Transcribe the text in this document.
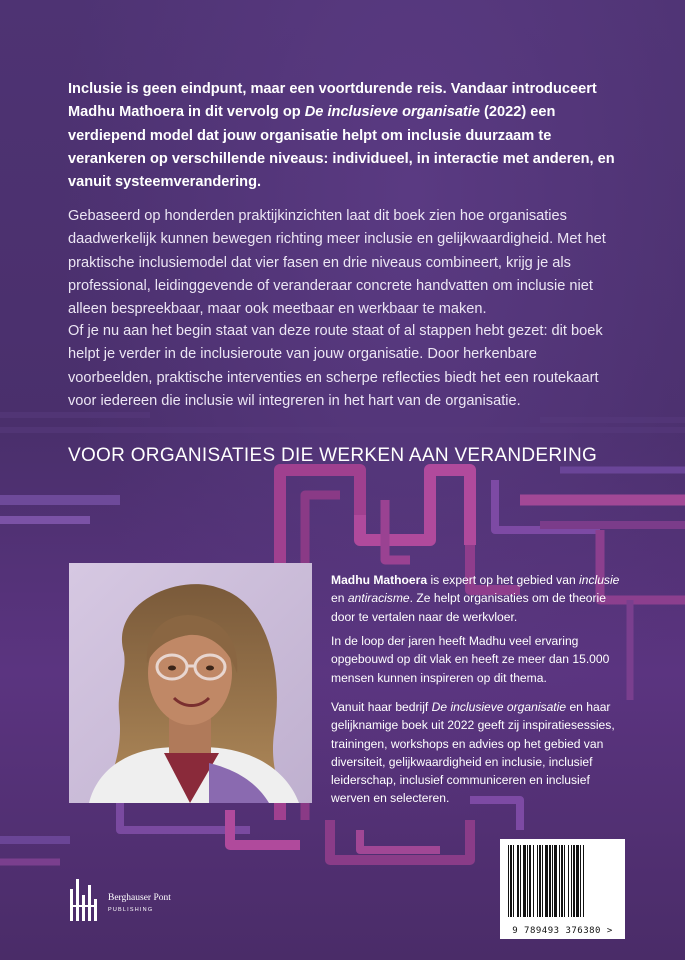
Inclusie is geen eindpunt, maar een voortdurende reis. Vandaar introduceert Madhu Mathoera in dit vervolg op De inclusieve organisatie (2022) een verdiepend model dat jouw organisatie helpt om inclusie duurzaam te verankeren op verschillende niveaus: individueel, in interactie met anderen, en vanuit systeemverandering.

Gebaseerd op honderden praktijkinzichten laat dit boek zien hoe organisaties daadwerkelijk kunnen bewegen richting meer inclusie en gelijkwaardigheid. Met het praktische inclusiemodel dat vier fasen en drie niveaus combineert, krijg je als professional, leidinggevende of veranderaar concrete handvatten om inclusie niet alleen bespreekbaar, maar ook meetbaar en werkbaar te maken.

Of je nu aan het begin staat van deze route staat of al stappen hebt gezet: dit boek helpt je verder in de inclusieroute van jouw organisatie. Door herkenbare voorbeelden, praktische interventies en scherpe reflecties biedt het een routekaart voor iedereen die inclusie wil integreren in het hart van de organisatie.

VOOR ORGANISATIES DIE WERKEN AAN VERANDERING

Madhu Mathoera is expert op het gebied van inclusie en antiracisme. Ze helpt organisaties om de theorie door te vertalen naar de werkvloer.

In de loop der jaren heeft Madhu veel ervaring opgebouwd op dit vlak en heeft ze meer dan 15.000 mensen kunnen inspireren op dit thema.

Vanuit haar bedrijf De inclusieve organisatie en haar gelijknamige boek uit 2022 geeft zij inspiratiesessies, trainingen, workshops en advies op het gebied van diversiteit, gelijkwaardigheid en inclusie, inclusief leiderschap, inclusief communiceren en inclusief werven en selecteren.

Berghauser Pont
PUBLISHING
9 789493 376380 >
